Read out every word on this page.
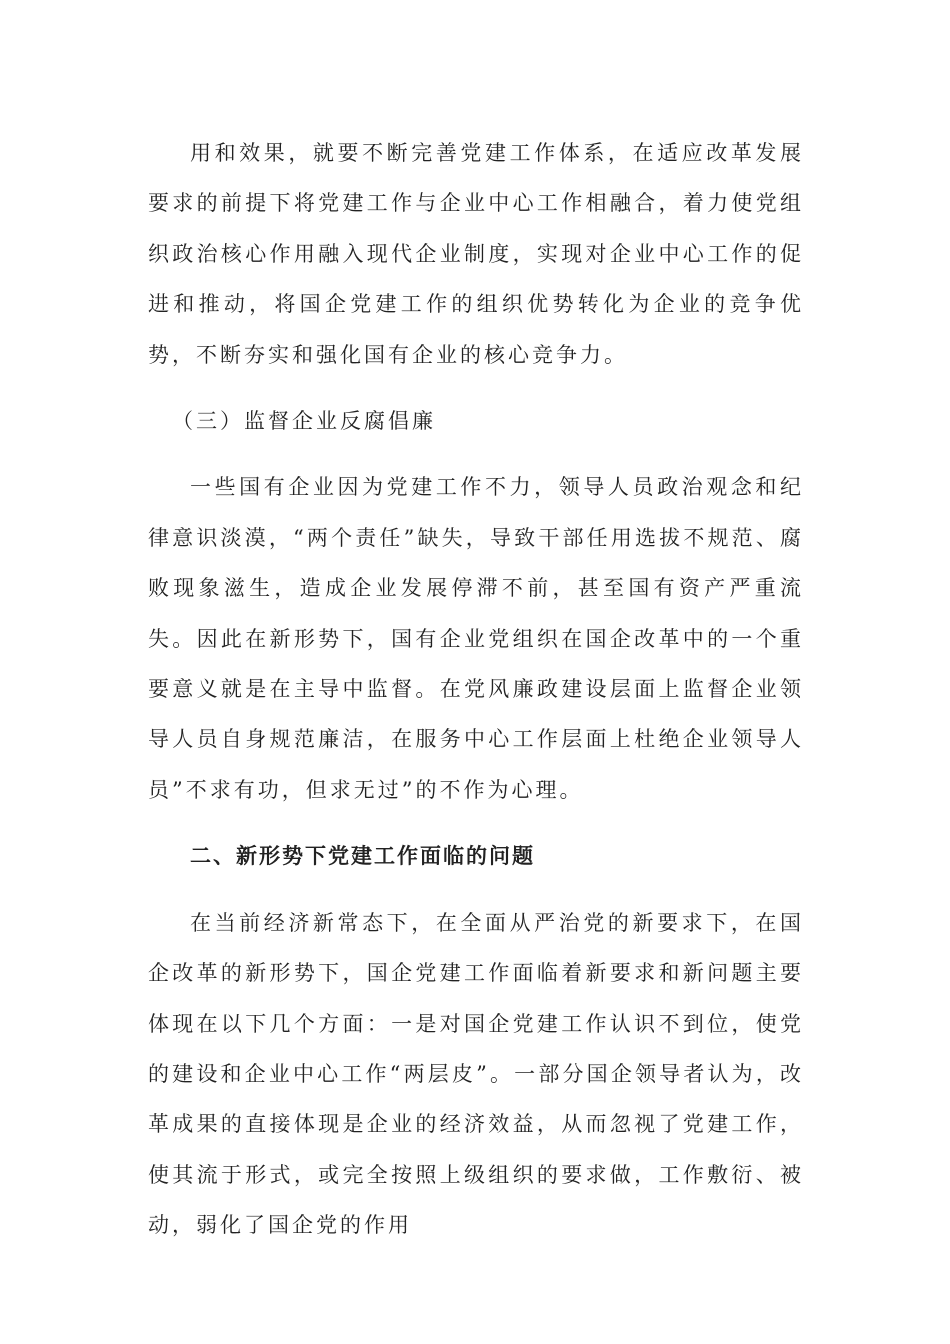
用和效果，就要不断完善党建工作体系，在适应改革发展要求的前提下将党建工作与企业中心工作相融合，着力使党组织政治核心作用融入现代企业制度，实现对企业中心工作的促进和推动，将国企党建工作的组织优势转化为企业的竞争优势，不断夯实和强化国有企业的核心竞争力。

（三）监督企业反腐倡廉

一些国有企业因为党建工作不力，领导人员政治观念和纪律意识淡漠，“两个责任”缺失，导致干部任用选拔不规范、腐败现象滋生，造成企业发展停滞不前，甚至国有资产严重流失。因此在新形势下，国有企业党组织在国企改革中的一个重要意义就是在主导中监督。在党风廉政建设层面上监督企业领导人员自身规范廉洁，在服务中心工作层面上杜绝企业领导人员”不求有功，但求无过”的不作为心理。

二、新形势下党建工作面临的问题

在当前经济新常态下，在全面从严治党的新要求下，在国企改革的新形势下，国企党建工作面临着新要求和新问题主要体现在以下几个方面：一是对国企党建工作认识不到位，使党的建设和企业中心工作“两层皮”。一部分国企领导者认为，改革成果的直接体现是企业的经济效益，从而忽视了党建工作，使其流于形式，或完全按照上级组织的要求做，工作敷衍、被动，弱化了国企党的作用
